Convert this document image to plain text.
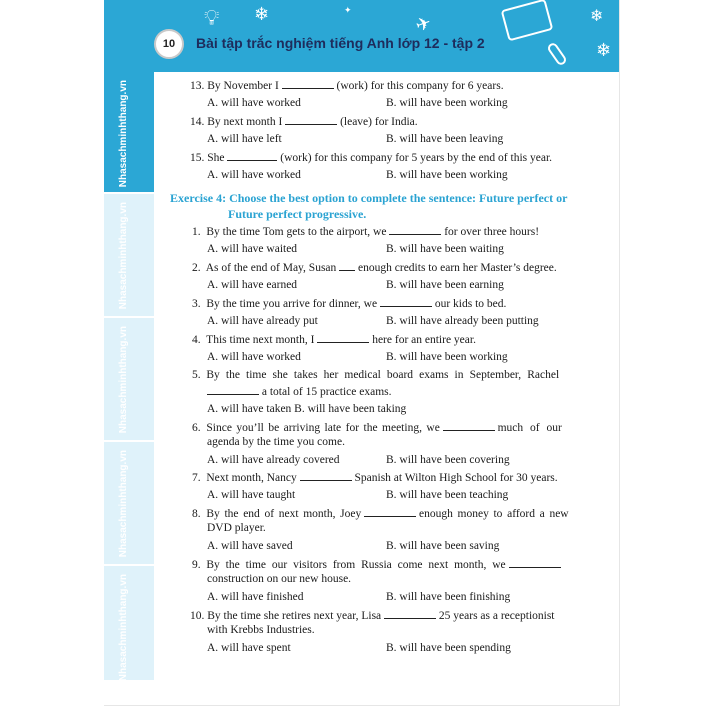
💡︎ ❄	✦
✈	❄
❄
10	Bài tập trắc nghiệm tiếng Anh lớp 12 - tập 2
Nhasachminhthang.vn
Nhasachminhthang.vn
Nhasachminhthang.vn
Nhasachminhthang.vn
Nhasachminhthang.vn
13. By November I	(work) for this company for 6 years.
A. will have worked	B. will have been working
14. By next month I	(leave) for India.
A. will have left	B. will have been leaving
15. She	(work) for this company for 5 years by the end of this year.
A. will have worked	B. will have been working
Exercise 4: Choose the best option to complete the sentence: Future perfect or
Future perfect progressive.
1. By the time Tom gets to the airport, we	for over three hours!
A. will have waited	B. will have been waiting
2. As of the end of May, Susan enough credits to earn her Master’s degree.
A. will have earned	B. will have been earning
3. By the time you arrive for dinner, we	our kids to bed.
A. will have already put	B. will have already been putting
4. This time next month, I	here for an entire year.
A. will have worked	B. will have been working
5. By the time she takes her medical board exams in September, Rachel
a total of 15 practice exams.
A. will have taken B. will have been taking
6. Since you’ll be arriving late for the meeting, we	much of our
agenda by the time you come.
A. will have already covered	B. will have been covering
7. Next month, Nancy	Spanish at Wilton High School for 30 years.
A. will have taught	B. will have been teaching
8. By the end of next month, Joey	enough money to afford a new
DVD player.
A. will have saved	B. will have been saving
9. By the time our visitors from Russia come next month, we
construction on our new house.
A. will have finished	B. will have been finishing
10. By the time she retires next year, Lisa	25 years as a receptionist
with Krebbs Industries.
A. will have spent	B. will have been spending
